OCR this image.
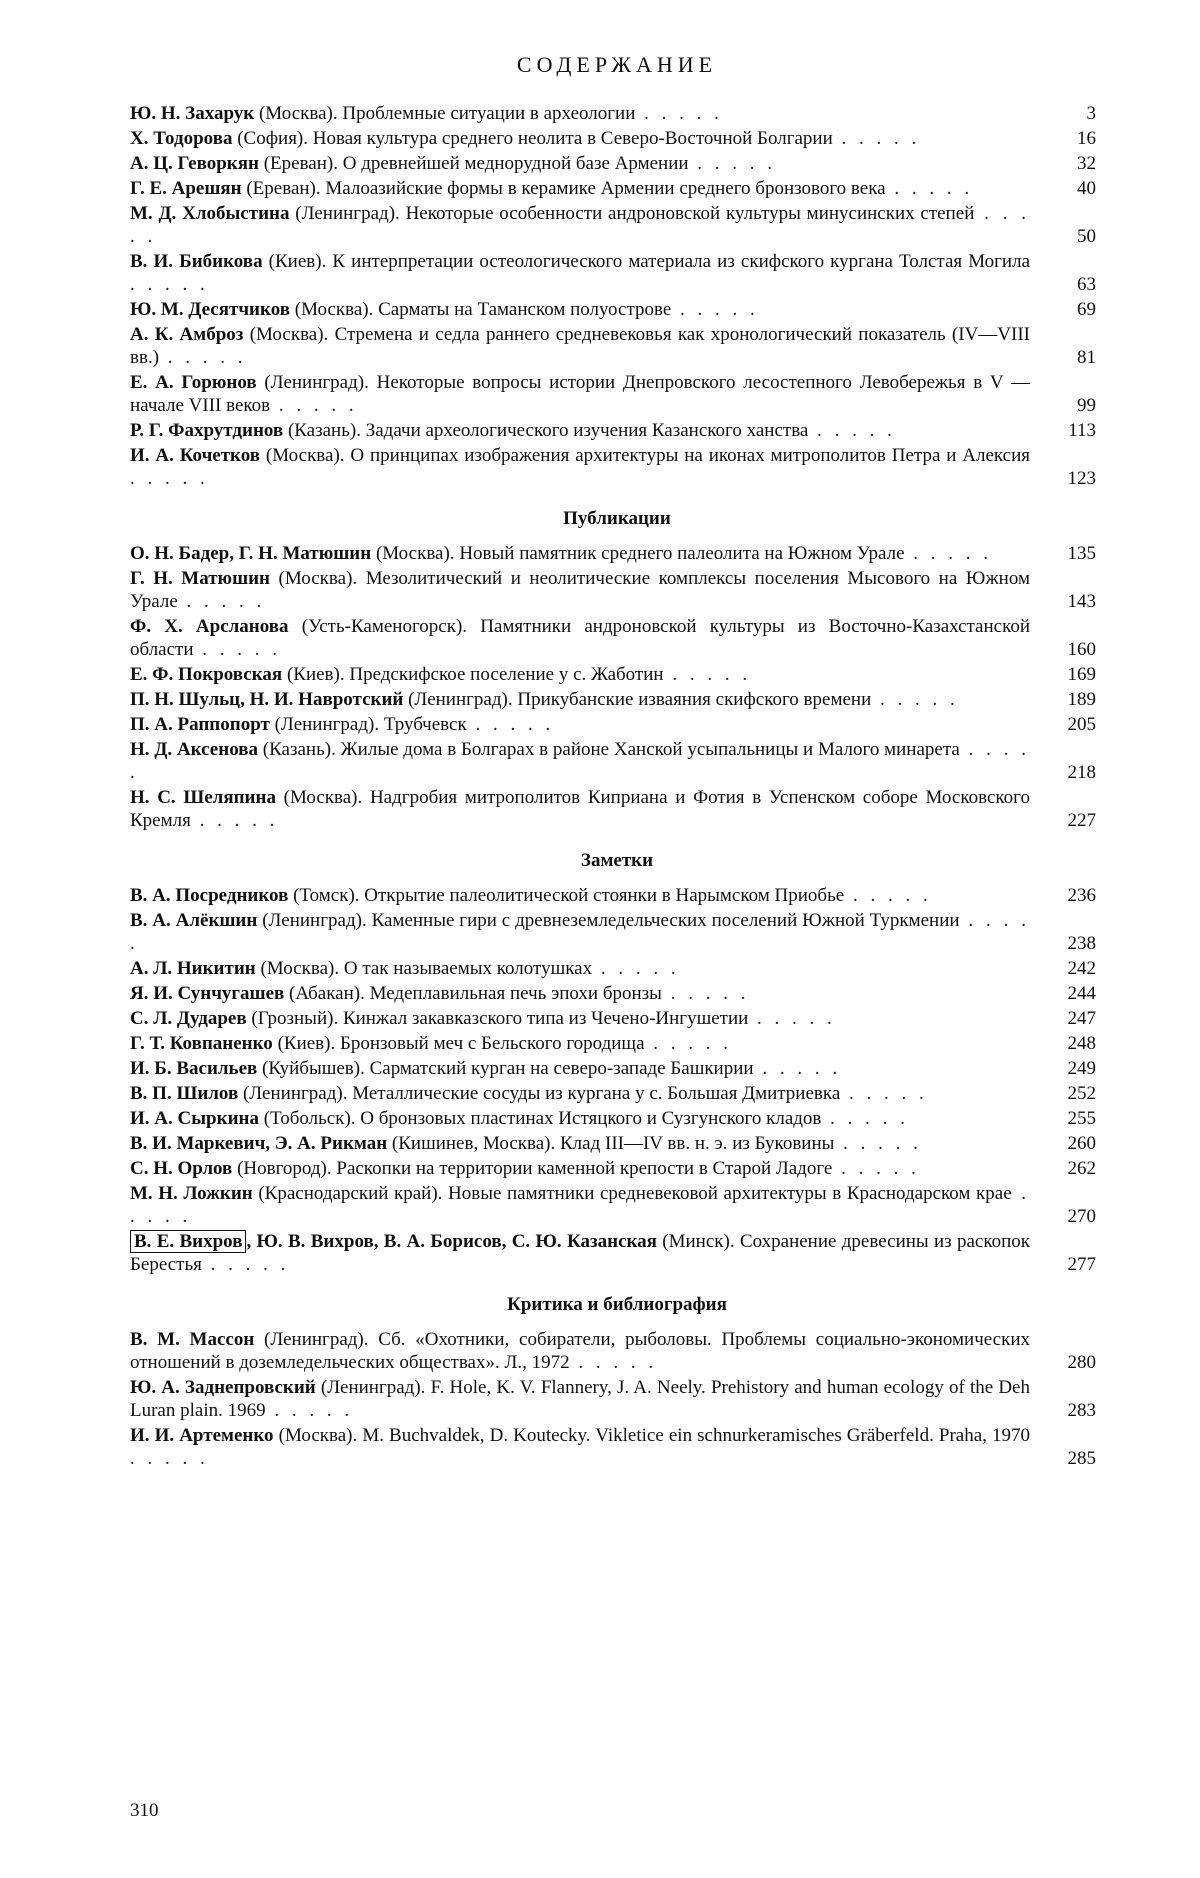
СОДЕРЖАНИЕ
Ю. Н. Захарук (Москва). Проблемные ситуации в археологии . . . . .	3
Х. Тодорова (София). Новая культура среднего неолита в Северо-Восточной Болгарии . . . . .	16
А. Ц. Геворкян (Ереван). О древнейшей меднорудной базе Армении . . . . .	32
Г. Е. Арешян (Ереван). Малоазийские формы в керамике Армении среднего бронзового века . . . . .	40
М. Д. Хлобыстина (Ленинград). Некоторые особенности андроновской культуры минусинских степей . . . . .	50
В. И. Бибикова (Киев). К интерпретации остеологического материала из скифского кургана Толстая Могила . . . . .	63
Ю. М. Десятчиков (Москва). Сарматы на Таманском полуострове . . . . .	69
А. К. Амброз (Москва). Стремена и седла раннего средневековья как хронологический показатель (IV—VIII вв.) . . . . .	81
Е. А. Горюнов (Ленинград). Некоторые вопросы истории Днепровского лесостепного Левобережья в V — начале VIII веков . . . . .	99
Р. Г. Фахрутдинов (Казань). Задачи археологического изучения Казанского ханства . . . . .	113
И. А. Кочетков (Москва). О принципах изображения архитектуры на иконах митрополитов Петра и Алексия . . . . .	123
Публикации
О. Н. Бадер, Г. Н. Матюшин (Москва). Новый памятник среднего палеолита на Южном Урале . . . . .	135
Г. Н. Матюшин (Москва). Мезолитический и неолитические комплексы поселения Мысового на Южном Урале . . . . .	143
Ф. Х. Арсланова (Усть-Каменогорск). Памятники андроновской культуры из Восточно-Казахстанской области . . . . .	160
Е. Ф. Покровская (Киев). Предскифское поселение у с. Жаботин . . . . .	169
П. Н. Шульц, Н. И. Навротский (Ленинград). Прикубанские изваяния скифского времени . . . . .	189
П. А. Раппопорт (Ленинград). Трубчевск . . . . .	205
Н. Д. Аксенова (Казань). Жилые дома в Болгарах в районе Ханской усыпальницы и Малого минарета . . . . .	218
Н. С. Шеляпина (Москва). Надгробия митрополитов Киприана и Фотия в Успенском соборе Московского Кремля . . . . .	227
Заметки
В. А. Посредников (Томск). Открытие палеолитической стоянки в Нарымском Приобье . . . . .	236
В. А. Алёкшин (Ленинград). Каменные гири с древнеземледельческих поселений Южной Туркмении . . . . .	238
А. Л. Никитин (Москва). О так называемых колотушках . . . . .	242
Я. И. Сунчугашев (Абакан). Медеплавильная печь эпохи бронзы . . . . .	244
С. Л. Дударев (Грозный). Кинжал закавказского типа из Чечено-Ингушетии . . . . .	247
Г. Т. Ковпаненко (Киев). Бронзовый меч с Бельского городища . . . . .	248
И. Б. Васильев (Куйбышев). Сарматский курган на северо-западе Башкирии . . . . .	249
В. П. Шилов (Ленинград). Металлические сосуды из кургана у с. Большая Дмитриевка . . . . .	252
И. А. Сыркина (Тобольск). О бронзовых пластинах Истяцкого и Сузгунского кладов . . . . .	255
В. И. Маркевич, Э. А. Рикман (Кишинев, Москва). Клад III—IV вв. н. э. из Буковины . . . . .	260
С. Н. Орлов (Новгород). Раскопки на территории каменной крепости в Старой Ладоге . . . . .	262
М. Н. Ложкин (Краснодарский край). Новые памятники средневековой архитектуры в Краснодарском крае . . . . .	270
В. Е. Вихров , Ю. В. Вихров, В. А. Борисов, С. Ю. Казанская (Минск). Сохранение древесины из раскопок Берестья . . . . .	277
Критика и библиография
В. М. Массон (Ленинград). Сб. «Охотники, собиратели, рыболовы. Проблемы социально-экономических отношений в доземледельческих обществах». Л., 1972 . . . . .	280
Ю. А. Заднепровский (Ленинград). F. Hole, K. V. Flannery, J. A. Neely. Prehistory and human ecology of the Deh Luran plain. 1969 . . . . .	283
И. И. Артеменко (Москва). M. Buchvaldek, D. Koutecky. Vikletice ein schnurkeramisches Gräberfeld. Praha, 1970 . . . . .	285
310
